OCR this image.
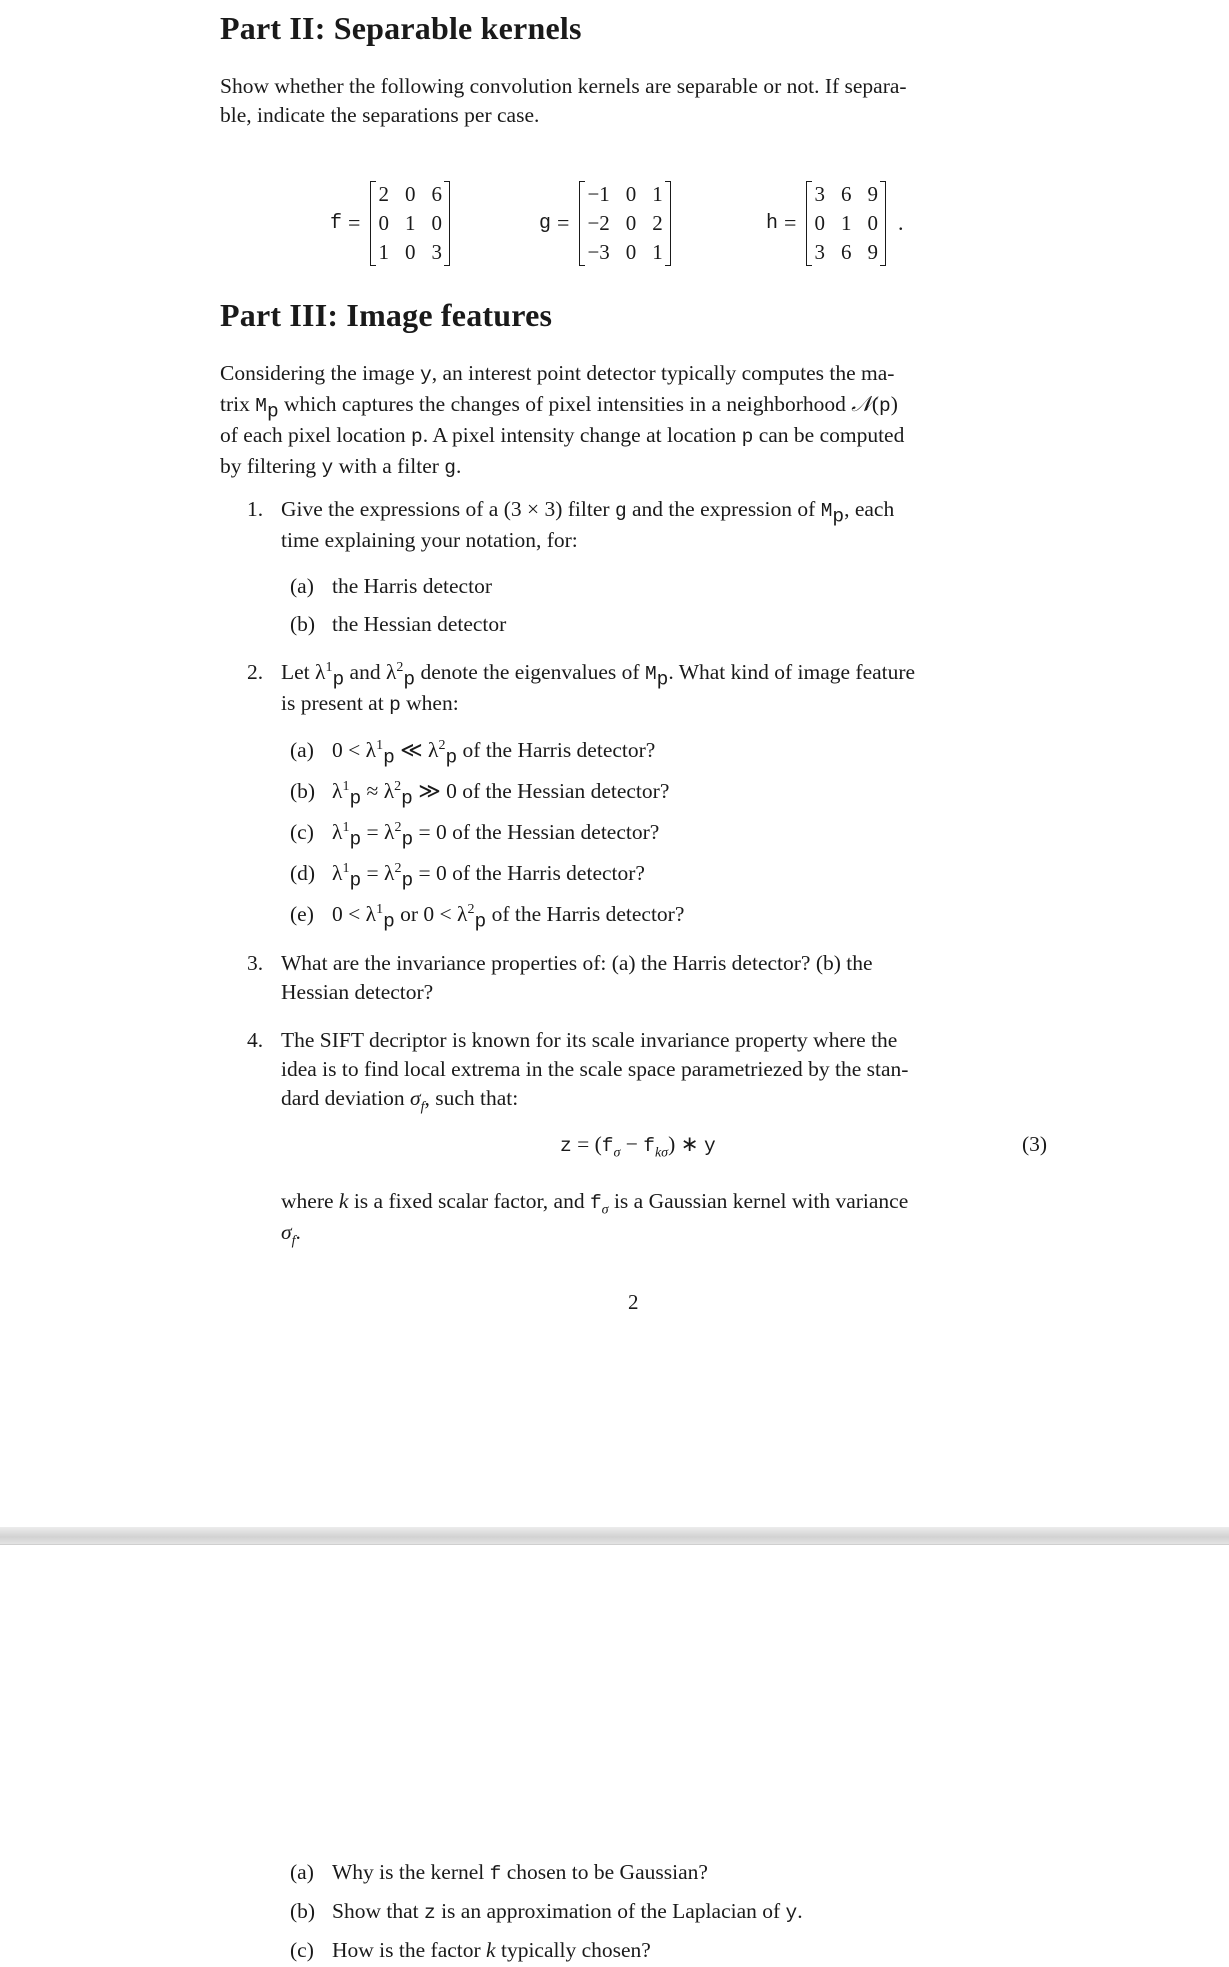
Part II: Separable kernels
Show whether the following convolution kernels are separable or not. If separa-
ble, indicate the separations per case.
f =
2 0 6
0 1 0
1 0 3
g =
−1 0 1
−2 0 2
−3 0 1
h =
3 6 9
0 1 0
3 6 9
.
Part III: Image features
Considering the image y, an interest point detector typically computes the ma-
trix $M_p$ which captures the changes of pixel intensities in a neighborhood 𝒩(p)
of each pixel location p. A pixel intensity change at location p can be computed
by filtering y with a filter g.
1. Give the expressions of a (3 × 3) filter g and the expression of $M_p$, each
time explaining your notation, for:
(a) the Harris detector
(b) the Hessian detector
2. Let $\lambda^1_p$ and $\lambda^2_p$ denote the eigenvalues of $M_p$. What kind of image feature
is present at p when:
(a) $0 < \lambda^1_p$ ≪ $\lambda^2_p$ of the Harris detector?
(b) $\lambda^1_p \approx \lambda^2_p$ ≫ 0 of the Hessian detector?
(c) $\lambda^1_p = \lambda^2_p = 0$ of the Hessian detector?
(d) $\lambda^1_p = \lambda^2_p = 0$ of the Harris detector?
(e) $0 < \lambda^1_p$ or $0 < \lambda^2_p$ of the Harris detector?
3. What are the invariance properties of: (a) the Harris detector? (b) the
Hessian detector?
4. The SIFT decriptor is known for its scale invariance property where the
idea is to find local extrema in the scale space parametriezed by the stan-
dard deviation $\sigma_f$, such that:
$z = (f_\sigma - f_{k\sigma})$ ∗ y	(3)
where k is a fixed scalar factor, and $f_\sigma$ is a Gaussian kernel with variance
$\sigma_f$.
2
(a) Why is the kernel f chosen to be Gaussian?
(b) Show that z is an approximation of the Laplacian of y.
(c) How is the factor k typically chosen?
